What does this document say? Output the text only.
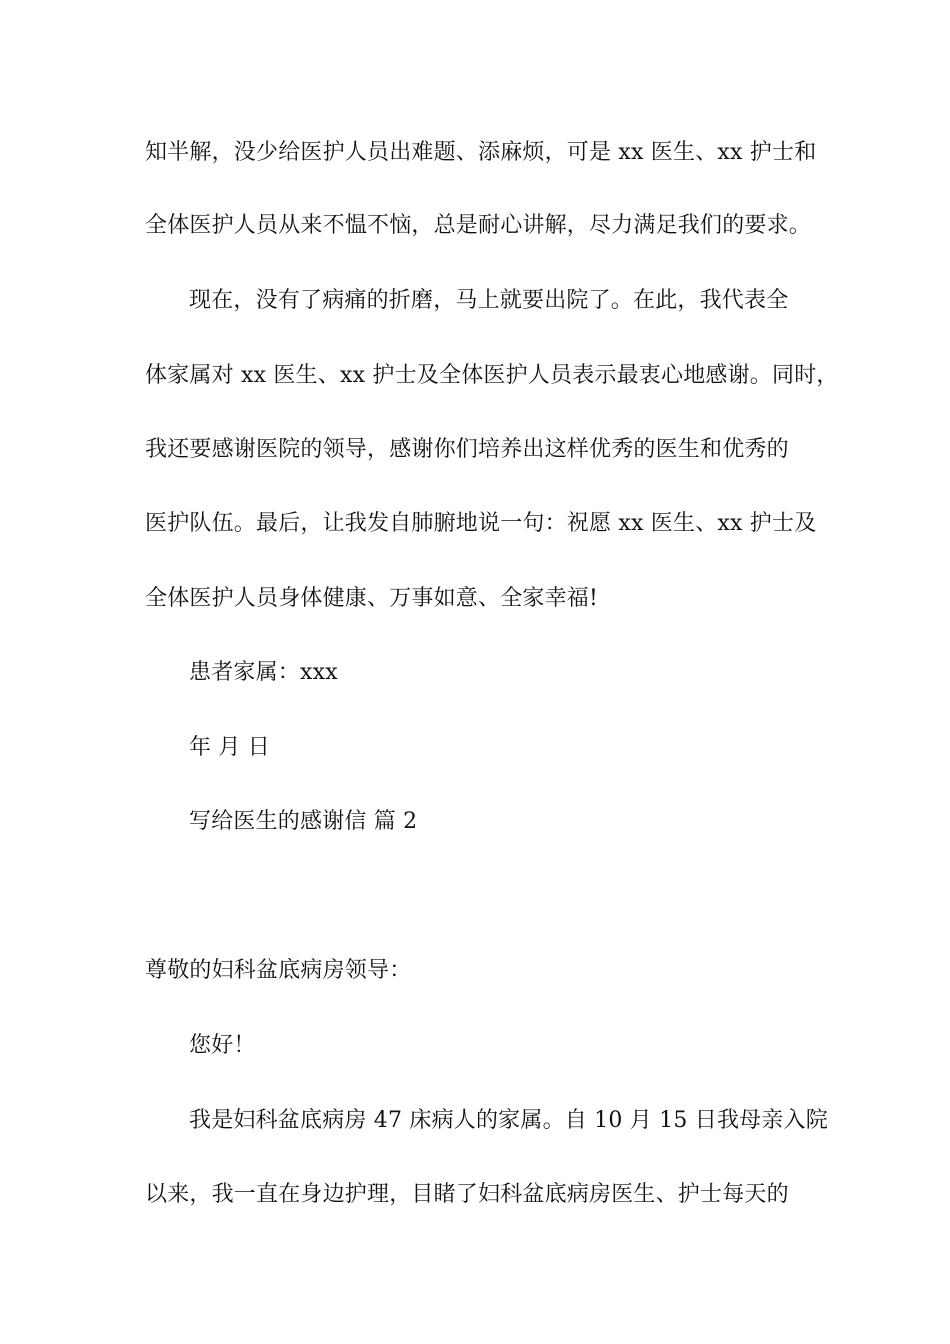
知半解，没少给医护人员出难题、添麻烦，可是 xx 医生、xx 护士和

全体医护人员从来不愠不恼，总是耐心讲解，尽力满足我们的要求。

现在，没有了病痛的折磨，马上就要出院了。在此，我代表全

体家属对 xx 医生、xx 护士及全体医护人员表示最衷心地感谢。同时，

我还要感谢医院的领导，感谢你们培养出这样优秀的医生和优秀的

医护队伍。最后，让我发自肺腑地说一句：祝愿 xx 医生、xx 护士及

全体医护人员身体健康、万事如意、全家幸福!

患者家属：xxx

年 月 日

写给医生的感谢信 篇 2

尊敬的妇科盆底病房领导：

您好！

我是妇科盆底病房 47 床病人的家属。自 10 月 15 日我母亲入院

以来，我一直在身边护理，目睹了妇科盆底病房医生、护士每天的
